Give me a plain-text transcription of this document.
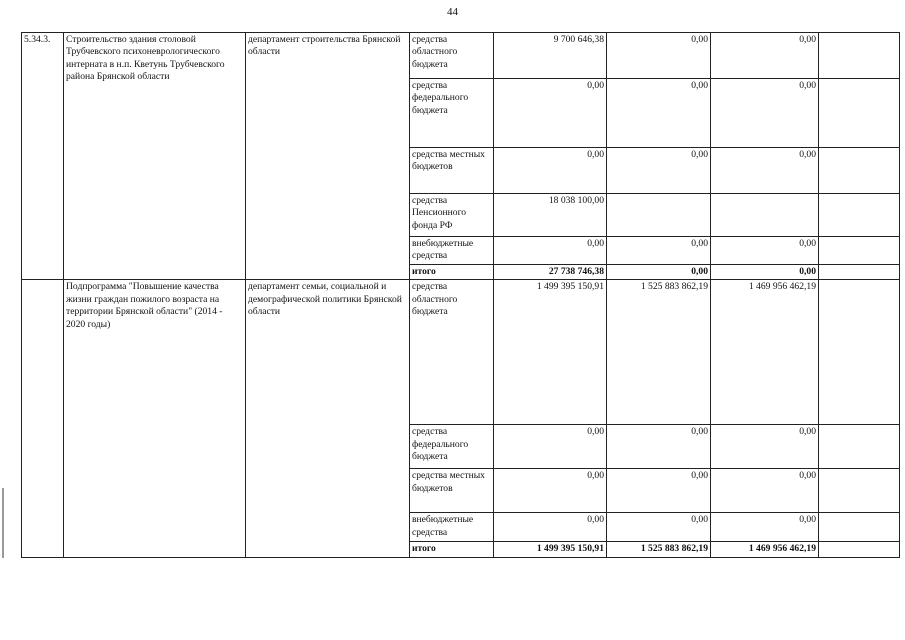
44
5.34.3.	Строительство здания столовой Трубчевского психоневрологического интерната в н.п. Кветунь Трубчевского района Брянской области	департамент строительства Брянской области	средства областного бюджета	9 700 646,38	0,00	0,00	
			средства федерального бюджета	0,00	0,00	0,00	
			средства местных бюджетов	0,00	0,00	0,00	
			средства Пенсионного фонда РФ	18 038 100,00			
			внебюджетные средства	0,00	0,00	0,00	
			итого	27 738 746,38	0,00	0,00	
	Подпрограмма "Повышение качества жизни граждан пожилого возраста на территории Брянской области" (2014 - 2020 годы)	департамент семьи, социальной и демографической политики Брянской области	средства областного бюджета	1 499 395 150,91	1 525 883 862,19	1 469 956 462,19	
			средства федерального бюджета	0,00	0,00	0,00	
			средства местных бюджетов	0,00	0,00	0,00	
			внебюджетные средства	0,00	0,00	0,00	
			итого	1 499 395 150,91	1 525 883 862,19	1 469 956 462,19	
